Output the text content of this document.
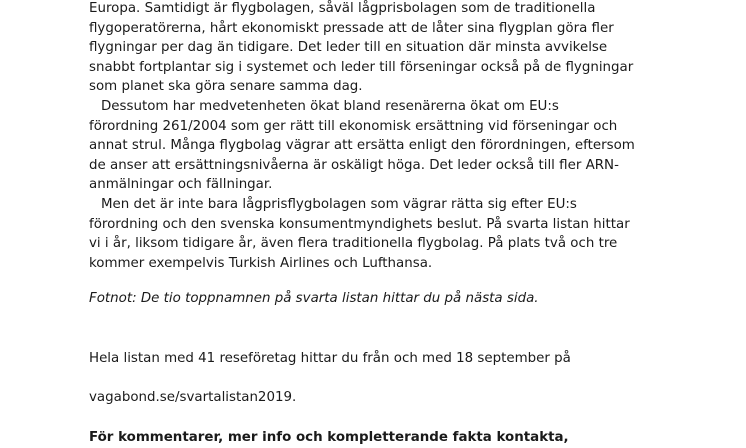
Europa. Samtidigt är flygbolagen, såväl lågprisbolagen som de traditionella
flygoperatörerna, hårt ekonomiskt pressade att de låter sina flygplan göra fler
flygningar per dag än tidigare. Det leder till en situation där minsta avvikelse
snabbt fortplantar sig i systemet och leder till förseningar också på de flygningar
som planet ska göra senare samma dag.

Dessutom har medvetenheten ökat bland resenärerna ökat om EU:s
förordning 261/2004 som ger rätt till ekonomisk ersättning vid förseningar och
annat strul. Många flygbolag vägrar att ersätta enligt den förordningen, eftersom
de anser att ersättningsnivåerna är oskäligt höga. Det leder också till fler ARN-
anmälningar och fällningar.

Men det är inte bara lågprisflygbolagen som vägrar rätta sig efter EU:s
förordning och den svenska konsumentmyndighets beslut. På svarta listan hittar
vi i år, liksom tidigare år, även flera traditionella flygbolag. På plats två och tre
kommer exempelvis Turkish Airlines och Lufthansa.

Fotnot: De tio toppnamnen på svarta listan hittar du på nästa sida.

Hela listan med 41 reseföretag hittar du från och med 18 september på

vagabond.se/svartalistan2019.

För kommentarer, mer info och kompletterande fakta kontakta,
